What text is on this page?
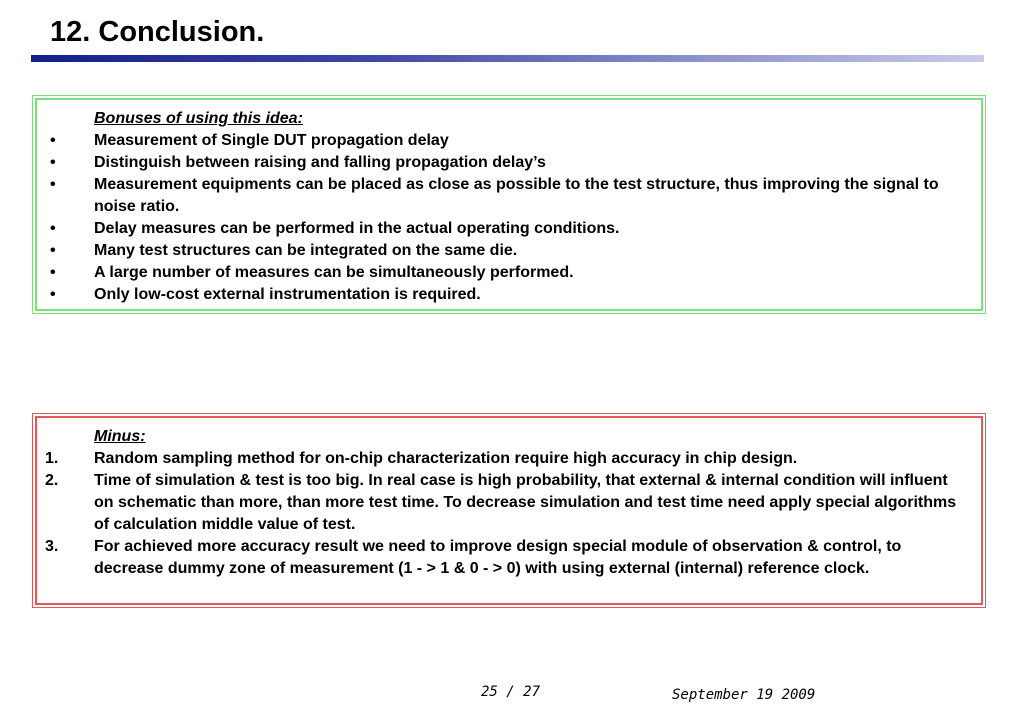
12. Conclusion.
Bonuses of using this idea:
•	Measurement of Single DUT propagation delay
•	Distinguish between raising and falling propagation delay’s
•	Measurement equipments can be placed as close as possible to the test structure, thus improving the signal to noise ratio.
•	Delay measures can be performed in the actual operating conditions.
•	Many test structures can be integrated on the same die.
•	A large number of measures can be simultaneously performed.
•	Only low-cost external instrumentation is required.
Minus:
1.	Random sampling method for on-chip characterization require high accuracy in chip design.
2.	Time of simulation & test is too big. In real case is high probability, that external & internal condition will influent on schematic than more, than more test time. To decrease simulation and test time need apply special algorithms of calculation middle value of test.
3.	For achieved more accuracy result we need to improve design special module of observation & control, to decrease dummy zone of measurement (1 - > 1 & 0 - > 0) with using external (internal) reference clock.
25 / 27	September 19 2009
